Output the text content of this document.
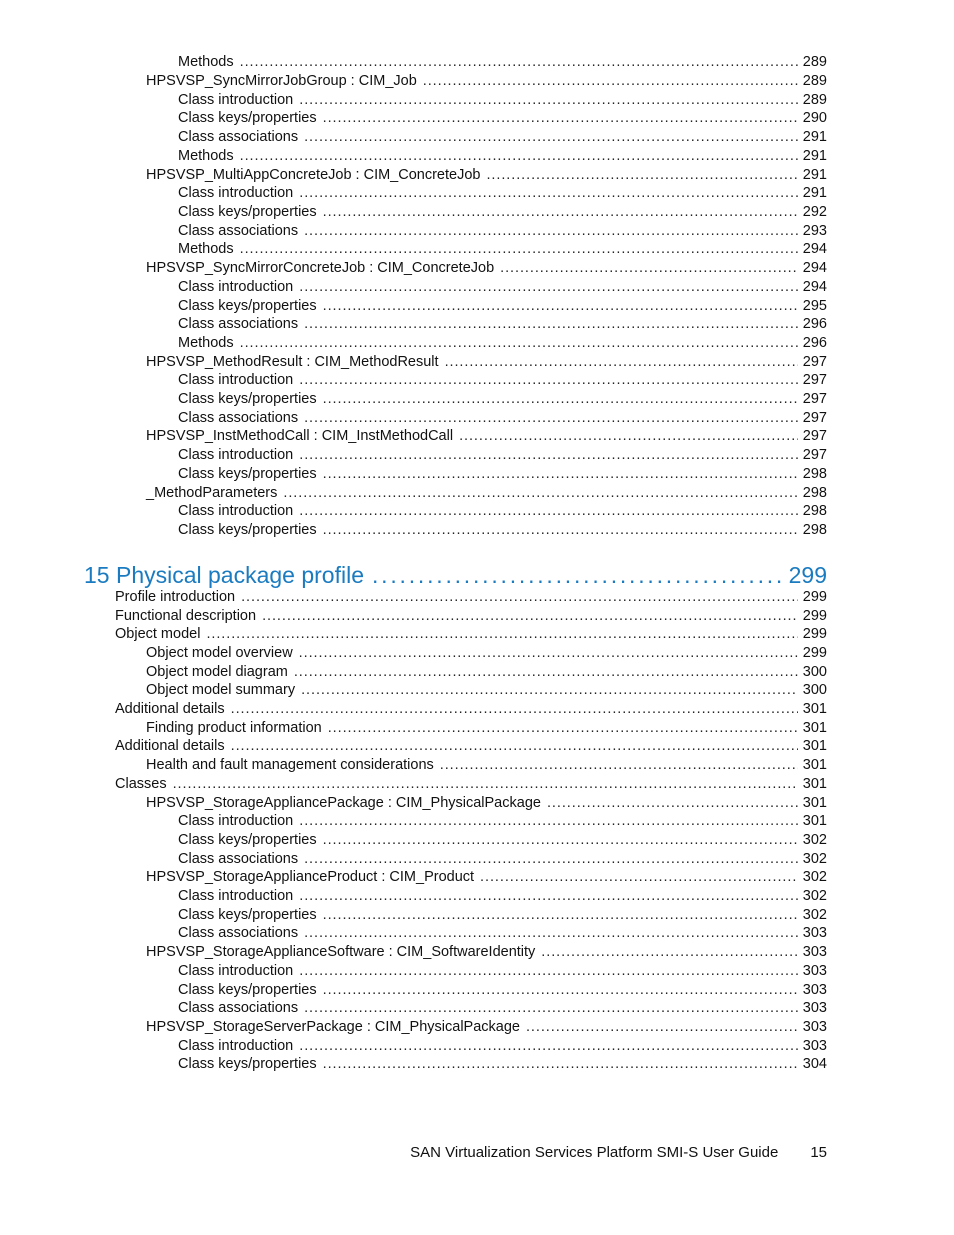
Methods . . .	289
HPSVSP_SyncMirrorJobGroup : CIM_Job . . .	289
Class introduction . . .	289
Class keys/properties . . .	290
Class associations . . .	291
Methods . . .	291
HPSVSP_MultiAppConcreteJob : CIM_ConcreteJob . . .	291
Class introduction . . .	291
Class keys/properties . . .	292
Class associations . . .	293
Methods . . .	294
HPSVSP_SyncMirrorConcreteJob : CIM_ConcreteJob . . .	294
Class introduction . . .	294
Class keys/properties . . .	295
Class associations . . .	296
Methods . . .	296
HPSVSP_MethodResult : CIM_MethodResult . . .	297
Class introduction . . .	297
Class keys/properties . . .	297
Class associations . . .	297
HPSVSP_InstMethodCall : CIM_InstMethodCall . . .	297
Class introduction . . .	297
Class keys/properties . . .	298
_MethodParameters . . .	298
Class introduction . . .	298
Class keys/properties . . .	298
15 Physical package profile . . .	299
Profile introduction . . .	299
Functional description . . .	299
Object model . . .	299
Object model overview . . .	299
Object model diagram . . .	300
Object model summary . . .	300
Additional details . . .	301
Finding product information . . .	301
Additional details . . .	301
Health and fault management considerations . . .	301
Classes . . .	301
HPSVSP_StorageAppliancePackage : CIM_PhysicalPackage . . .	301
Class introduction . . .	301
Class keys/properties . . .	302
Class associations . . .	302
HPSVSP_StorageApplianceProduct : CIM_Product . . .	302
Class introduction . . .	302
Class keys/properties . . .	302
Class associations . . .	303
HPSVSP_StorageApplianceSoftware : CIM_SoftwareIdentity . . .	303
Class introduction . . .	303
Class keys/properties . . .	303
Class associations . . .	303
HPSVSP_StorageServerPackage : CIM_PhysicalPackage . . .	303
Class introduction . . .	303
Class keys/properties . . .	304
SAN Virtualization Services Platform SMI-S User Guide 15
